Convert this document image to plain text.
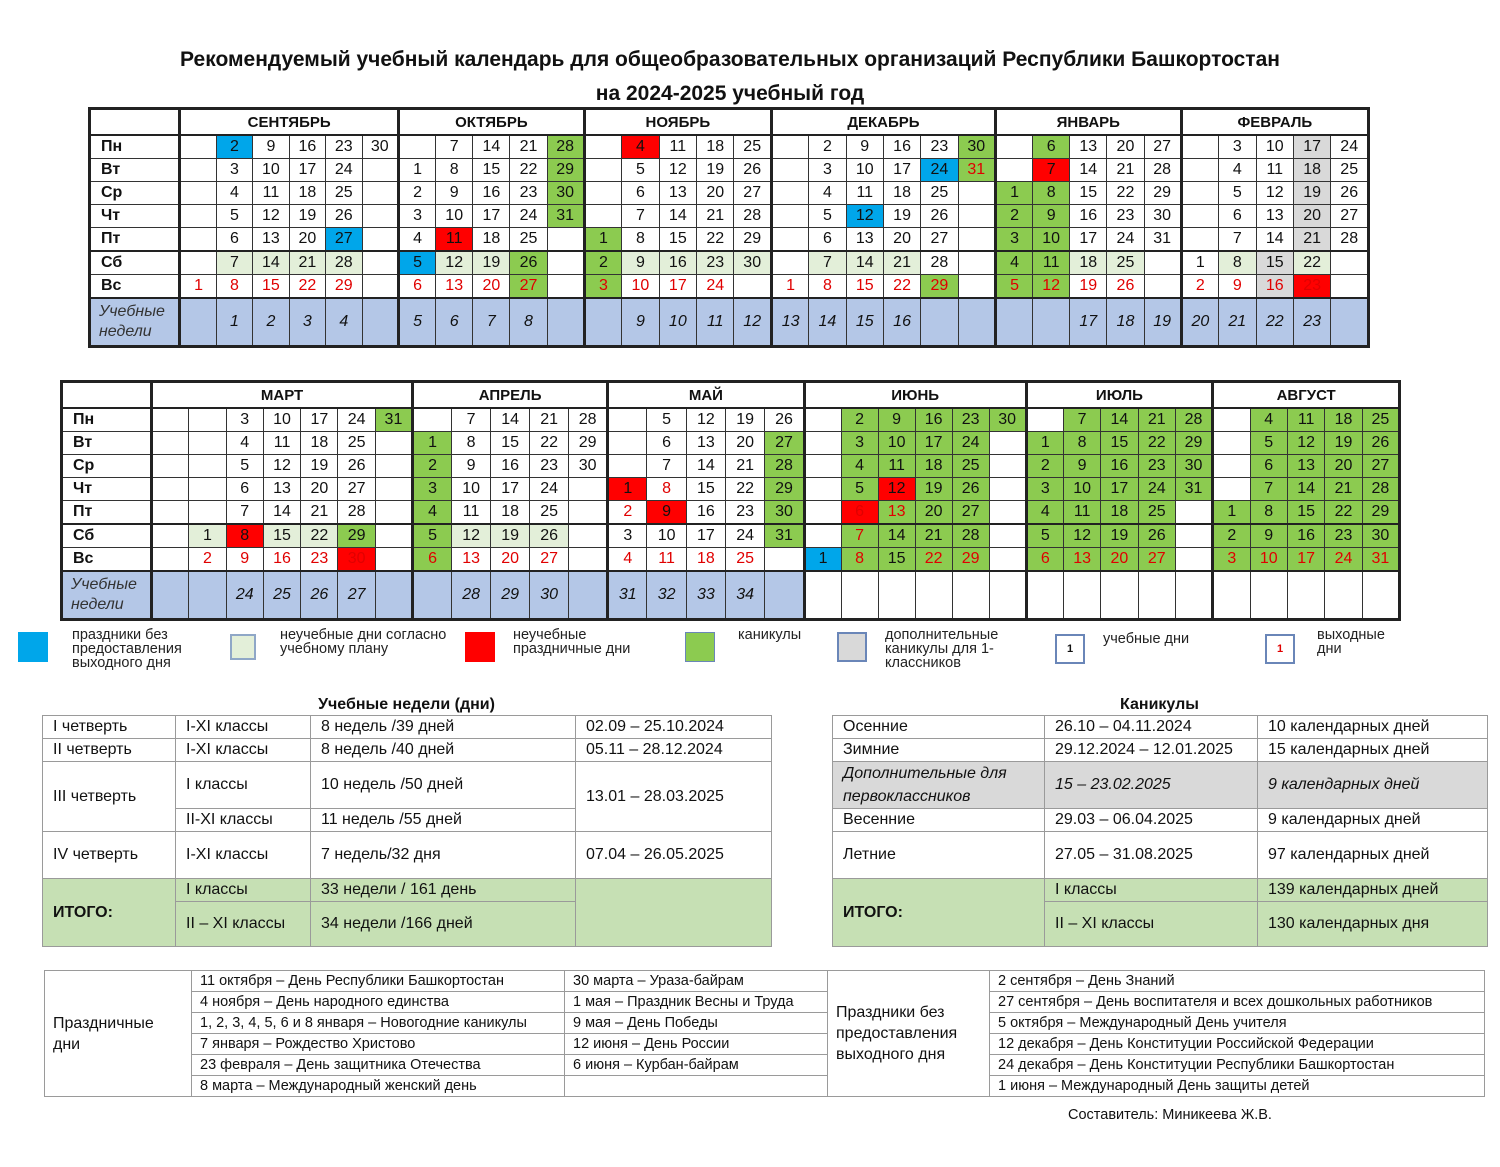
Рекомендуемый учебный календарь для общеобразовательных организаций Республики Башкортостан
на 2024-2025 учебный год
	СЕНТЯБРЬ						ОКТЯБРЬ					НОЯБРЬ					ДЕКАБРЬ						ЯНВАРЬ					ФЕВРАЛЬ				
Пн		2	9	16	23	30		7	14	21	28		4	11	18	25		2	9	16	23	30		6	13	20	27		3	10	17	24
Вт		3	10	17	24		1	8	15	22	29		5	12	19	26		3	10	17	24	31		7	14	21	28		4	11	18	25
Ср		4	11	18	25		2	9	16	23	30		6	13	20	27		4	11	18	25		1	8	15	22	29		5	12	19	26
Чт		5	12	19	26		3	10	17	24	31		7	14	21	28		5	12	19	26		2	9	16	23	30		6	13	20	27
Пт		6	13	20	27		4	11	18	25		1	8	15	22	29		6	13	20	27		3	10	17	24	31		7	14	21	28
Сб		7	14	21	28		5	12	19	26		2	9	16	23	30		7	14	21	28		4	11	18	25		1	8	15	22	
Вс	1	8	15	22	29		6	13	20	27		3	10	17	24		1	8	15	22	29		5	12	19	26		2	9	16	23	
Учебные недели		1	2	3	4		5	6	7	8			9	10	11	12	13	14	15	16					17	18	19	20	21	22	23	
	МАРТ							АПРЕЛЬ					МАЙ					ИЮНЬ						ИЮЛЬ					АВГУСТ				
Пн			3	10	17	24	31		7	14	21	28		5	12	19	26		2	9	16	23	30		7	14	21	28		4	11	18	25
Вт			4	11	18	25		1	8	15	22	29		6	13	20	27		3	10	17	24		1	8	15	22	29		5	12	19	26
Ср			5	12	19	26		2	9	16	23	30		7	14	21	28		4	11	18	25		2	9	16	23	30		6	13	20	27
Чт			6	13	20	27		3	10	17	24		1	8	15	22	29		5	12	19	26		3	10	17	24	31		7	14	21	28
Пт			7	14	21	28		4	11	18	25		2	9	16	23	30		6	13	20	27		4	11	18	25		1	8	15	22	29
Сб		1	8	15	22	29		5	12	19	26		3	10	17	24	31		7	14	21	28		5	12	19	26		2	9	16	23	30
Вс		2	9	16	23	30		6	13	20	27		4	11	18	25		1	8	15	22	29		6	13	20	27		3	10	17	24	31
Учебные недели			24	25	26	27			28	29	30		31	32	33	34																	
праздники без предоставления выходного дня
неучебные дни согласно учебному плану
неучебные праздничные дни
каникулы	дополнительные каникулы для 1-классников
1
учебные дни
1
выходные дни
Учебные недели (дни)
I четверть	I-XI классы	8 недель /39 дней	02.09 – 25.10.2024
II четверть	I-XI классы	8 недель /40 дней	05.11 – 28.12.2024
III четверть	I классы	10 недель /50 дней	13.01 – 28.03.2025
	II-XI классы	11 недель /55 дней	
IV четверть	I-XI классы	7 недель/32 дня	07.04 – 26.05.2025
ИТОГО:	I классы	33 недели / 161 день	
	II – XI классы	34 недели /166 дней	
Каникулы
Осенние	26.10 – 04.11.2024	10 календарных дней
Зимние	29.12.2024 – 12.01.2025	15 календарных дней
Дополнительные для
первоклассников	15 – 23.02.2025	9 календарных дней
Весенние	29.03 – 06.04.2025	9 календарных дней
Летние	27.05 – 31.08.2025	97 календарных дней
ИТОГО:	I классы	139 календарных дней
	II – XI классы	130 календарных дня
Праздничные
дни	11 октября – День Республики Башкортостан	30 марта – Ураза-байрам	Праздники без
предоставления
выходного дня	2 сентября – День Знаний
	4 ноября – День народного единства	1 мая – Праздник Весны и Труда		27 сентября – День воспитателя и всех дошкольных работников
	1, 2, 3, 4, 5, 6 и 8 января – Новогодние каникулы	9 мая – День Победы		5 октября – Международный День учителя
	7 января – Рождество Христово	12 июня – День России		12 декабря – День Конституции Российской Федерации
	23 февраля – День защитника Отечества	6 июня – Курбан-байрам		24 декабря – День Конституции Республики Башкортостан
	8 марта – Международный женский день			1 июня – Международный День защиты детей
Составитель: Миникеева Ж.В.
